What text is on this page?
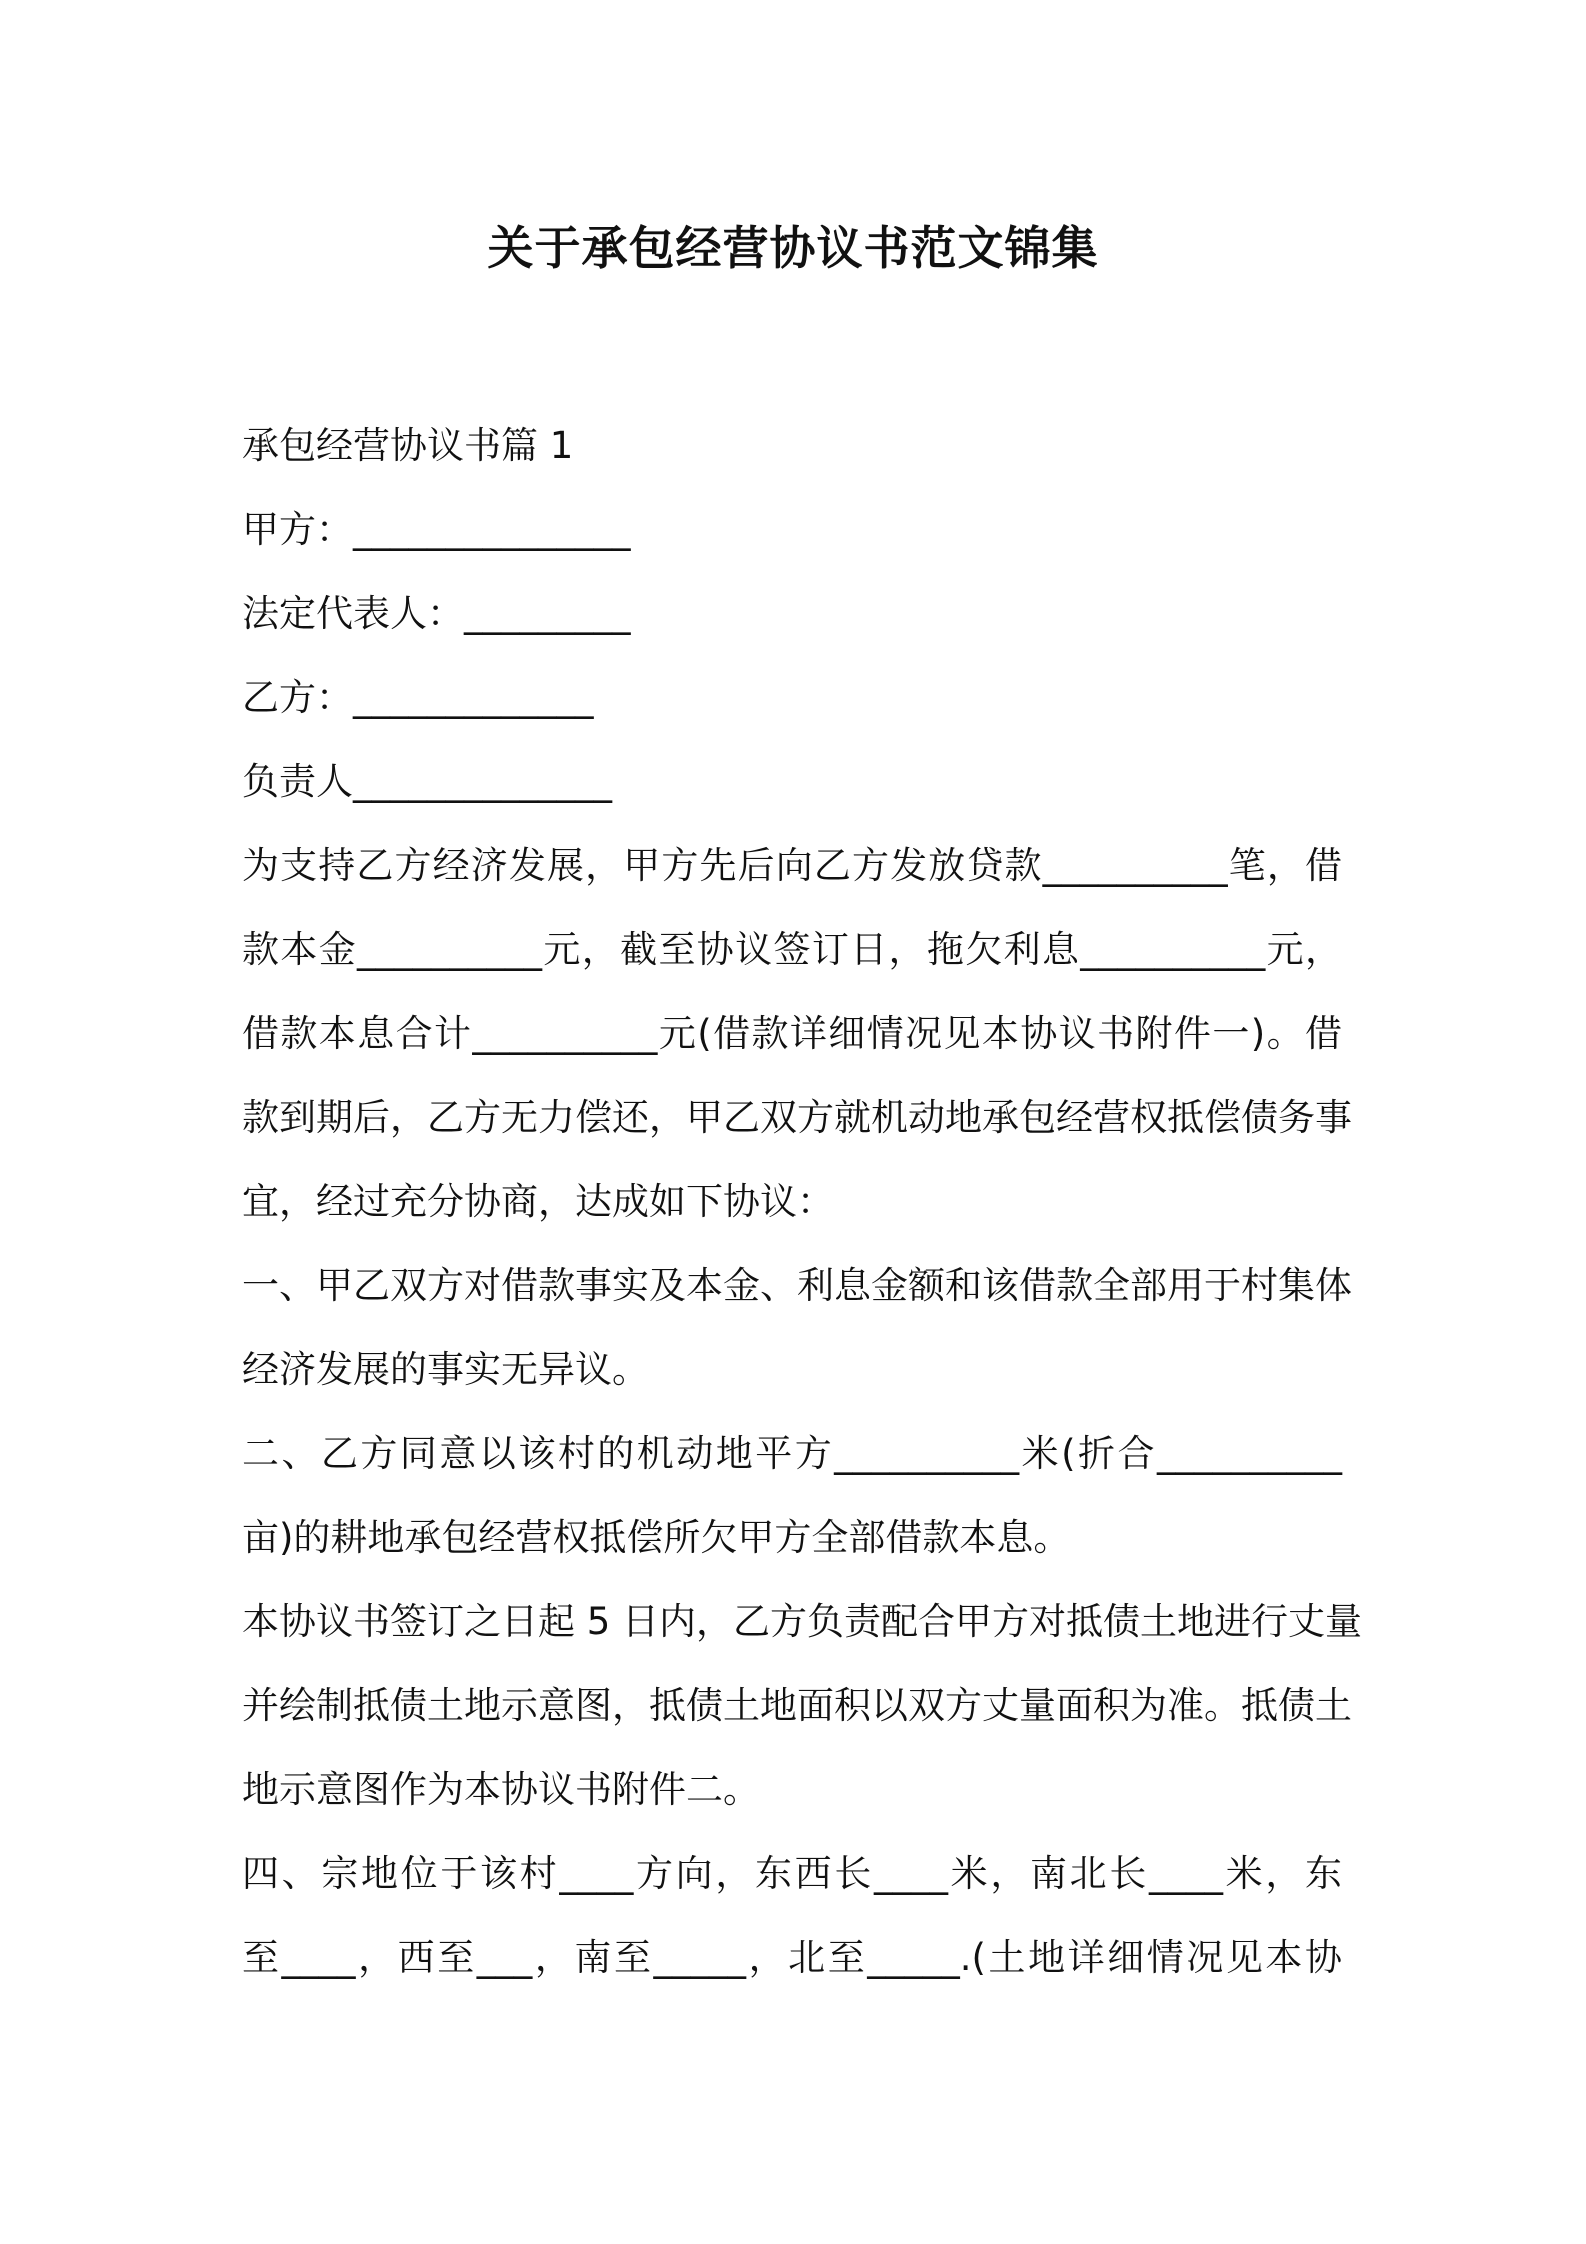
关于承包经营协议书范文锦集

承包经营协议书篇 1

甲方：_______________

法定代表人：_________

乙方：_____________

负责人______________

为支持乙方经济发展，甲方先后向乙方发放贷款__________笔，借

款本金__________元，截至协议签订日，拖欠利息__________元，

借款本息合计__________元(借款详细情况见本协议书附件一)。借

款到期后，乙方无力偿还，甲乙双方就机动地承包经营权抵偿债务事

宜，经过充分协商，达成如下协议：

一、甲乙双方对借款事实及本金、利息金额和该借款全部用于村集体

经济发展的事实无异议。

二、乙方同意以该村的机动地平方__________米(折合__________

亩)的耕地承包经营权抵偿所欠甲方全部借款本息。

本协议书签订之日起 5 日内，乙方负责配合甲方对抵债土地进行丈量

并绘制抵债土地示意图，抵债土地面积以双方丈量面积为准。抵债土

地示意图作为本协议书附件二。

四、宗地位于该村____方向，东西长____米，南北长____米，东

至____，西至___，南至_____，北至_____.(土地详细情况见本协
